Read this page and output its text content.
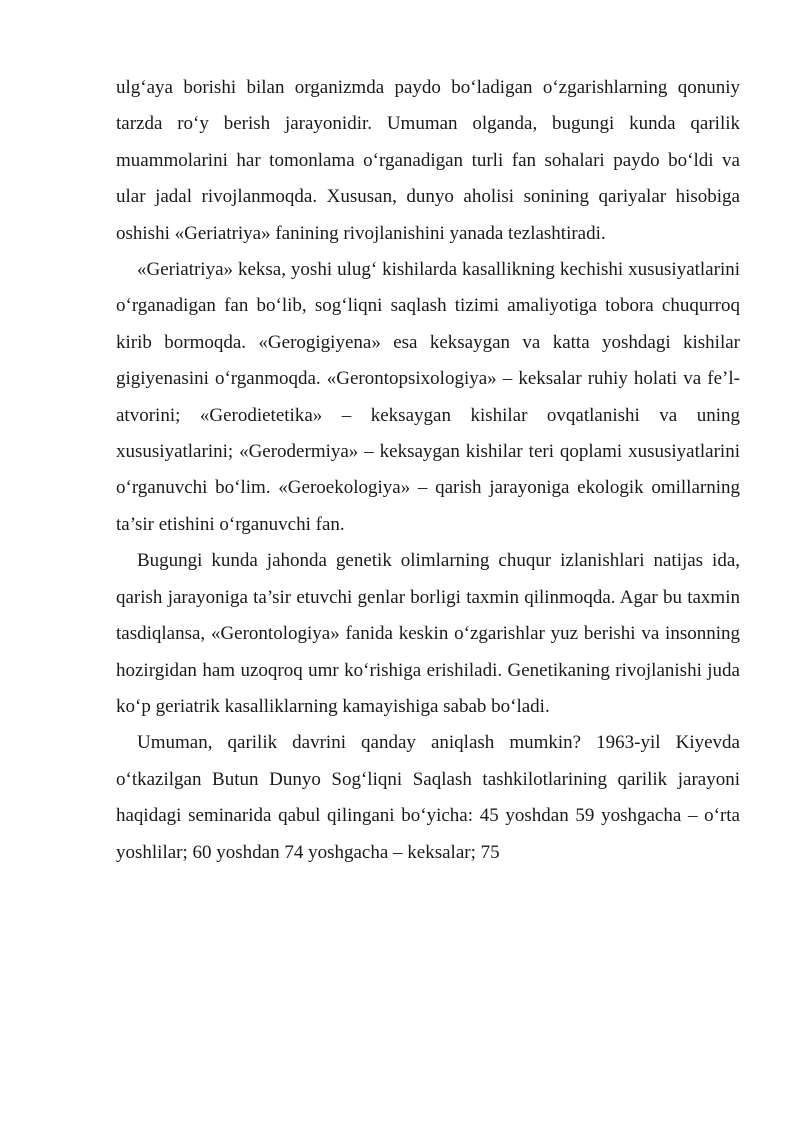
ulg‘aya borishi bilan organizmda paydo bo‘ladigan o‘zgarishlarning qonuniy tarzda ro‘y berish jarayonidir. Umuman olganda, bugungi kunda qarilik muammolarini har tomonlama o‘rganadigan turli fan sohalari paydo bo‘ldi va ular jadal rivojlanmoqda. Xususan, dunyo aholisi sonining qariyalar hisobiga oshishi «Geriatriya» fanining rivojlanishini yanada tezlashtiradi.

«Geriatriya» keksa, yoshi ulug‘ kishilarda kasallikning kechishi xususiyatlarini o‘rganadigan fan bo‘lib, sog‘liqni saqlash tizimi amaliyotiga tobora chuqurroq kirib bormoqda. «Gerogigiyena» esa keksaygan va katta yoshdagi kishilar gigiyenasini o‘rganmoqda. «Gerontopsixologiya» – keksalar ruhiy holati va fe’l-atvorini; «Gerodietetika» – keksaygan kishilar ovqatlanishi va uning xususiyatlarini; «Gerodermiya» – keksaygan kishilar teri qoplami xususiyatlarini o‘rganuvchi bo‘lim. «Geroekologiya» – qarish jarayoniga ekologik omillarning ta’sir etishini o‘rganuvchi fan.

Bugungi kunda jahonda genetik olimlarning chuqur izlanishlari natijas ida, qarish jarayoniga ta’sir etuvchi genlar borligi taxmin qilinmoqda. Agar bu taxmin tasdiqlansa, «Gerontologiya» fanida keskin o‘zgarishlar yuz berishi va insonning hozirgidan ham uzoqroq umr ko‘rishiga erishiladi. Genetikaning rivojlanishi juda ko‘p geriatrik kasalliklarning kamayishiga sabab bo‘ladi.

Umuman, qarilik davrini qanday aniqlash mumkin? 1963-yil Kiyevda o‘tkazilgan Butun Dunyo Sog‘liqni Saqlash tashkilotlarining qarilik jarayoni haqidagi seminarida qabul qilingani bo‘yicha: 45 yoshdan 59 yoshgacha – o‘rta yoshlilar; 60 yoshdan 74 yoshgacha – keksalar; 75
